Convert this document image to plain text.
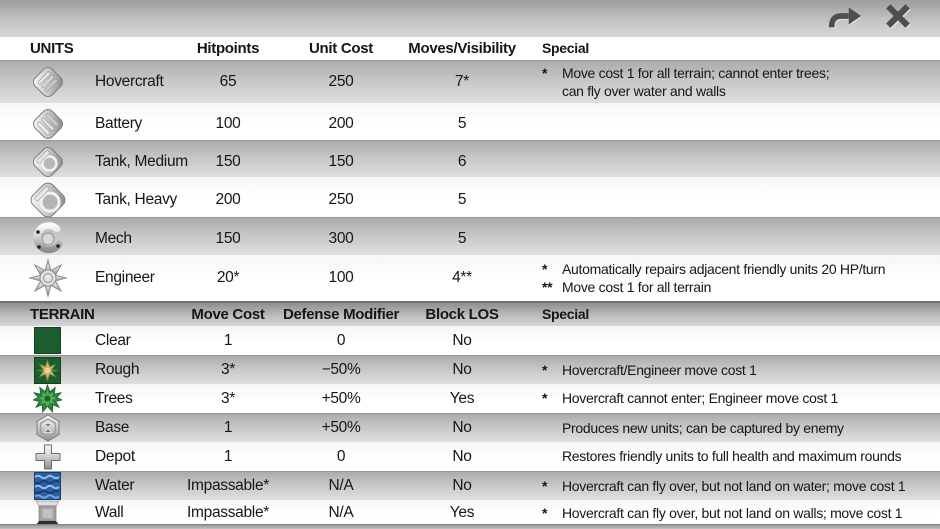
UNITS	Hitpoints	Unit Cost	Moves/Visibility	Special
Hovercraft	65	250	7*
*	Move cost 1 for all terrain; cannot enter trees;
can fly over water and walls
Battery	100	200	5
Tank, Medium	150	150	6
Tank, Heavy	200	250	5
Mech	150	300	5
Engineer	20*	100	4**
*	Automatically repairs adjacent friendly units 20 HP/turn
** Move cost 1 for all terrain
TERRAIN	Move Cost	Defense Modifier	Block LOS	Special
Clear	1	0	No
Rough	3*	−50%	No	*	Hovercraft/Engineer move cost 1
Trees	3*	+50%	Yes	*	Hovercraft cannot enter; Engineer move cost 1
Base	1	+50%	No	Produces new units; can be captured by enemy
Depot	1	0	No	Restores friendly units to full health and maximum rounds
Water	Impassable*	N/A	No	*	Hovercraft can fly over, but not land on water; move cost 1
Wall	Impassable*	N/A	Yes	*	Hovercraft can fly over, but not land on walls; move cost 1
